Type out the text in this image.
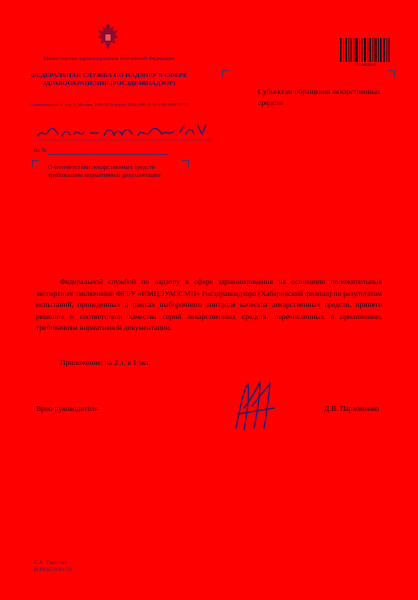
Министерство здравоохранения Российской Федерации
ФЕДЕРАЛЬНАЯ СЛУЖБА ПО НАДЗОРУ В СФЕРЕ ЗДРАВООХРАНЕНИЯ (РОСЗДРАВНАДЗОР)
Славянская пл. 4, стр. 1, Москва, 109074 Телефон: (495) 698 45 38; (495) 698 15 74
на №
О соответствии лекарственных средств требованиям нормативной документации
Субъектам обращения лекарственных средств
3232893939
Федеральной службой по надзору в сфере здравоохранения на основании положительных экспертных заключений ФГБУ «ИМЦЭУАОСМП» Росздравнадзора (Хабаровский филиал) по результатам испытаний, проведенных в рамках выборочного контроля качества лекарственных средств, принято решение о соответствии качества серий лекарственных средств, перечисленных в приложении, требованиям нормативной документации.
Приложение: на 2 л. в 1 экз.
Врио руководителя	Д.В. Пархоменко
С.А. Тарасова
8(499)578-01-23
